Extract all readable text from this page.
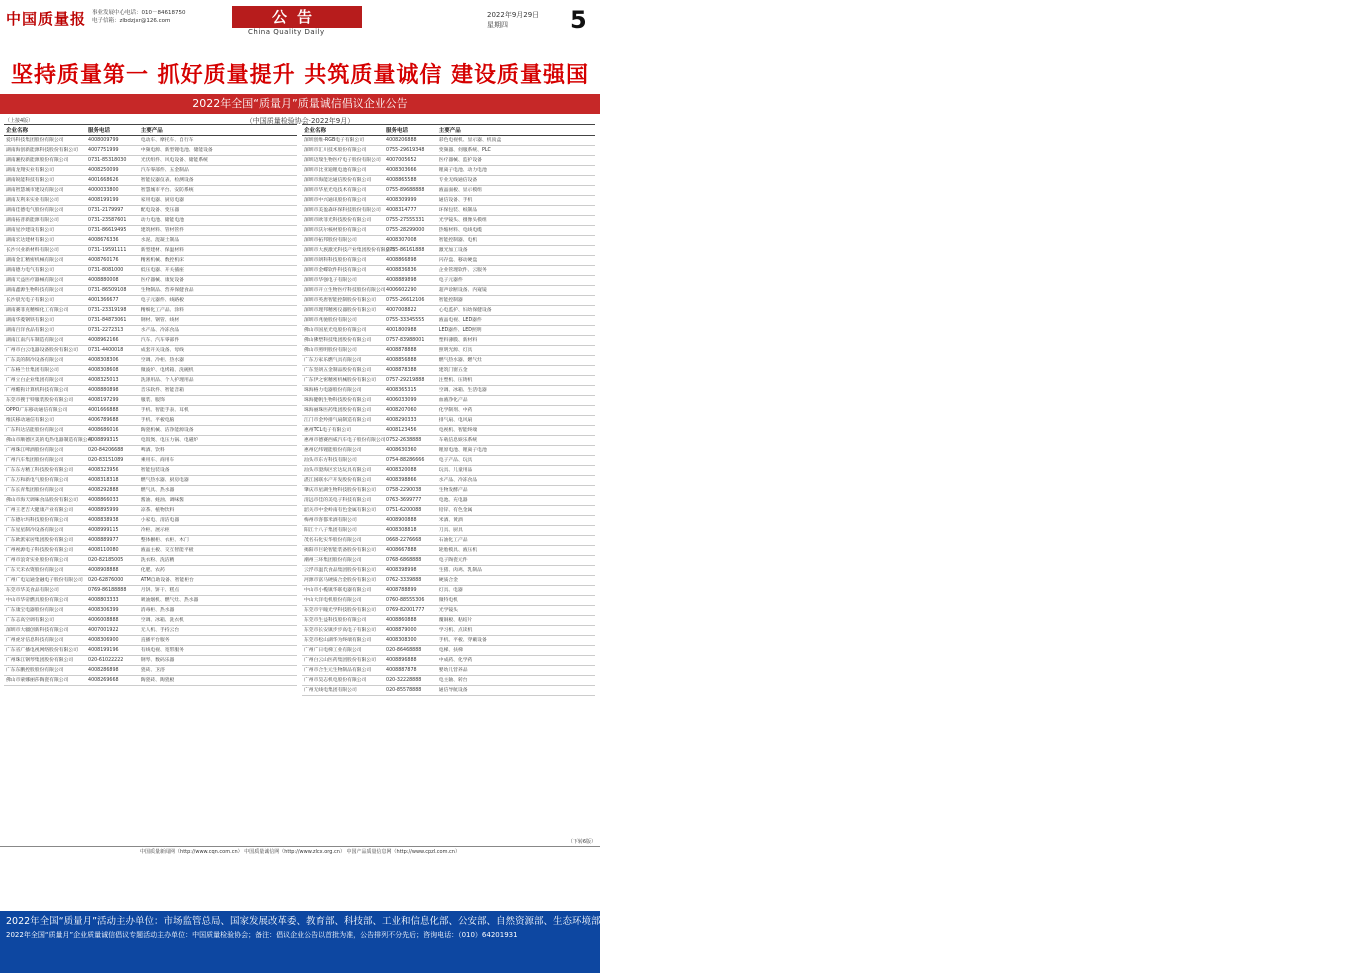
中国质量报 事业发展中心电话：010－84618750
电子信箱：zlbdzjxr@126.com	公告
China Quality Daily
2022年9月29日
星期四	5
坚持质量第一 抓好质量提升 共筑质量诚信 建设质量强国
2022年全国“质量月”质量诚信倡议企业公告
（中国质量检验协会·2022年9月）
（上接4版）
企业名称	服务电话	主要产品
爱玛科技集团股份有限公司	4008009799	电动车、摩托车、自行车
湖南海创新能源科技股份有限公司	4007751999	中频电源、新型锂电池、储能设备
湖南湘投新能源股份有限公司	0731-85318030	光伏组件、风电设备、储能系统
湖南龙翔实业有限公司	4008250099	汽车零部件、五金制品
湖南锐能科技有限公司	4001668626	智能仪器仪表、检测设备
湖南智慧城市建设有限公司	4000033800	智慧城市平台、安防系统
湖南友利来实业有限公司	4008199199	家用电器、厨房电器
湖南佳德电气股份有限公司	0731-2179997	配电设备、变压器
湖南拓普新能源有限公司	0731-23587601	动力电池、储能电池
湖南星沙建设有限公司	0731-86619495	建筑材料、管材管件
湖南宏达建材有限公司	4008676336	水泥、混凝土制品
长沙兴业新材料有限公司	0731-19591111	新型建材、保温材料
湖南金汇精密机械有限公司	4008760176	精密机械、数控机床
湖南德力电气有限公司	0731-8081000	低压电器、开关插座
湖南天益医疗器械有限公司	4008880008	医疗器械、康复设备
湖南鑫源生物科技有限公司	0731-86509108	生物制品、营养保健食品
长沙晨光电子有限公司	4001366677	电子元器件、线路板
湖南赛菲克精细化工有限公司	0731-23319198	精细化工产品、涂料
湖南华菱钢铁有限公司	0731-84873061	钢材、钢管、线材
湖南百洋食品有限公司	0731-2272313	水产品、冷冻食品
湖南江南汽车制造有限公司	4008962166	汽车、汽车零部件
广州市白云电器设备股份有限公司	0731-4400018	成套开关设备、母线
广东美的制冷设备有限公司	4008308306	空调、冷柜、热水器
广东格兰仕集团有限公司	4008308608	微波炉、电烤箱、洗碗机
广州立白企业集团有限公司	4008325013	洗涤用品、个人护理用品
广州酷狗计算机科技有限公司	4008880898	音乐软件、智能音箱
东莞市搜于特服装股份有限公司	4008197299	服装、服饰
OPPO广东移动通信有限公司	4001666888	手机、智能手表、耳机
维沃移动通信有限公司	4006789688	手机、平板电脑
广东科达洁能股份有限公司	4008686016	陶瓷机械、洁净能源设备
佛山市顺德区美的电热电器制造有限公司	4008899315	电饭煲、电压力锅、电磁炉
广州珠江啤酒股份有限公司	020-84206688	啤酒、饮料
广州汽车集团股份有限公司	020-83151089	乘用车、商用车
广东东方精工科技股份有限公司	4008323956	智能包装设备
广东万和新电气股份有限公司	4008318318	燃气热水器、厨房电器
广东长青集团股份有限公司	4008292888	燃气具、热水器
佛山市海天调味食品股份有限公司	4008866033	酱油、蚝油、调味酱
广州王老吉大健康产业有限公司	4008895999	凉茶、植物饮料
广东德尔玛科技股份有限公司	4008838938	小家电、清洁电器
广东星星制冷设备有限公司	4008999115	冷柜、展示柜
广东欧派家居集团股份有限公司	4008889977	整体橱柜、衣柜、木门
广州视源电子科技股份有限公司	4008110080	液晶主板、交互智能平板
广州市浪奇实业股份有限公司	020-82185005	洗衣粉、洗洁精
广东天禾农资股份有限公司	4008908888	化肥、农药
广州广电运通金融电子股份有限公司	020-62876000	ATM自助设备、智能柜台
东莞市华美食品有限公司	0769-86188888	月饼、饼干、糕点
中山市华帝燃具股份有限公司	4008803333	吸油烟机、燃气灶、热水器
广东康宝电器股份有限公司	4008306399	消毒柜、热水器
广东志高空调有限公司	4006008888	空调、冰箱、洗衣机
深圳市大疆创新科技有限公司	4007001922	无人机、手持云台
广州虎牙信息科技有限公司	4008306900	直播平台服务
广东省广播电视网络股份有限公司	4008199196	有线电视、宽带服务
广州珠江钢琴集团股份有限公司	020-61022222	钢琴、数码乐器
广东东鹏控股股份有限公司	4008286898	瓷砖、卫浴
佛山市蒙娜丽莎陶瓷有限公司	4008269668	陶瓷砖、陶瓷板
企业名称	服务电话	主要产品
深圳创维-RGB电子有限公司	4008206888	彩色电视机、显示器、机顶盒
深圳市汇川技术股份有限公司	0755-29619348	变频器、伺服系统、PLC
深圳迈瑞生物医疗电子股份有限公司	4007005652	医疗器械、监护设备
深圳市比亚迪锂电池有限公司	4008303666	锂离子电池、动力电池
深圳市海能达通信股份有限公司	4008865588	专业无线通信设备
深圳市华星光电技术有限公司	0755-89688888	液晶面板、显示模组
深圳市中兴通讯股份有限公司	4008309999	通信设备、手机
深圳市美盈森环保科技股份有限公司	4008314777	环保包装、纸制品
深圳市欧菲光科技股份有限公司	0755-27555331	光学镜头、摄像头模组
深圳市沃尔核材股份有限公司	0755-28299000	热缩材料、电线电缆
深圳市拓邦股份有限公司	4008307008	智能控制器、电机
深圳市大族激光科技产业集团股份有限公司	0755-86161888	激光加工设备
深圳市朗科科技股份有限公司	4008866898	闪存盘、移动硬盘
深圳市金蝶软件科技有限公司	4008836836	企业管理软件、云服务
深圳市华强电子有限公司	4008889898	电子元器件
深圳市开立生物医疗科技股份有限公司	4006602290	超声诊断设备、内窥镜
深圳市英唐智能控制股份有限公司	0755-26612106	智能控制器
深圳市理邦精密仪器股份有限公司	4007008822	心电监护、妇幼保健设备
深圳市兆驰股份有限公司	0755-33345555	液晶电视、LED器件
佛山市国星光电股份有限公司	4001800988	LED器件、LED照明
佛山佛塑科技集团股份有限公司	0757-83988001	塑料薄膜、新材料
佛山市照明股份有限公司	4008878888	照明光源、灯具
广东万家乐燃气具有限公司	4008856888	燃气热水器、燃气灶
广东坚朗五金制品股份有限公司	4008878388	建筑门窗五金
广东伊之密精密机械股份有限公司	0757-29219888	注塑机、压铸机
珠海格力电器股份有限公司	4008365315	空调、冰箱、生活电器
珠海健帆生物科技股份有限公司	4006033099	血液净化产品
珠海丽珠医药集团股份有限公司	4008207060	化学制剂、中药
江门市金羚排气扇制造有限公司	4008290333	排气扇、电风扇
惠州TCL电子有限公司	4008123456	电视机、智能终端
惠州市德赛西威汽车电子股份有限公司	0752-2638888	车载信息娱乐系统
惠州亿纬锂能股份有限公司	4008630360	锂原电池、锂离子电池
汕头市东方科技有限公司	0754-88286666	电子产品、玩具
汕头市澄海区宏达玩具有限公司	4008320088	玩具、儿童用品
湛江国联水产开发股份有限公司	4008398866	水产品、冷冻食品
肇庆市星湖生物科技股份有限公司	0758-2290038	生物发酵产品
清远市佳的美电子科技有限公司	0763-3699777	电池、充电器
韶关市中金岭南有色金属有限公司	0751-6200088	铅锌、有色金属
梅州市客都米酒有限公司	4008900888	米酒、黄酒
阳江十八子集团有限公司	4008308818	刀具、厨具
茂名石化实华股份有限公司	0668-2276668	石油化工产品
揭阳市巨轮智能装备股份有限公司	4008667888	轮胎模具、液压机
潮州三环集团股份有限公司	0768-6868888	电子陶瓷元件
云浮市温氏食品集团股份有限公司	4008398998	生猪、肉鸡、乳制品
河源市富马硬质合金股份有限公司	0762-3339888	硬质合金
中山市小榄镇华联电器有限公司	4008788899	灯具、电器
中山大洋电机股份有限公司	0760-88555306	微特电机
东莞市宇瞳光学科技股份有限公司	0769-82001777	光学镜头
东莞市生益科技股份有限公司	4008860888	覆铜板、粘结片
东莞市长安镇步步高电子有限公司	4008879000	学习机、点读机
东莞市松山湖华为终端有限公司	4008308300	手机、平板、穿戴设备
广州广日电梯工业有限公司	020-86468888	电梯、扶梯
广州白云山医药集团股份有限公司	4008896888	中成药、化学药
广州市合生元生物制品有限公司	4008887878	婴幼儿营养品
广州市昊志机电股份有限公司	020-32228888	电主轴、转台
广州无线电集团有限公司	020-85578888	通信导航设备
（下转6版）
中国质量新闻网（http://www.cqn.com.cn） 中国质量诚信网（http://www.zlcx.org.cn） 中国产品质量信息网（http://www.cpzl.com.cn）
2022年全国“质量月”活动主办单位：市场监管总局、国家发展改革委、教育部、科技部、工业和信息化部、公安部、自然资源部、生态环境部、住房和城乡建设部、交通运输部、水利部、农业农村部、商务部、文化和旅游部、国家卫生健康委、人民银行、国务院国资委、海关总署、供销合作总社、全国总工会、全国工商联
2022年全国“质量月”企业质量诚信倡议专题活动主办单位：中国质量检验协会；备注：倡议企业公告以首批为准，公告排列不分先后；咨询电话：（010）64201931
